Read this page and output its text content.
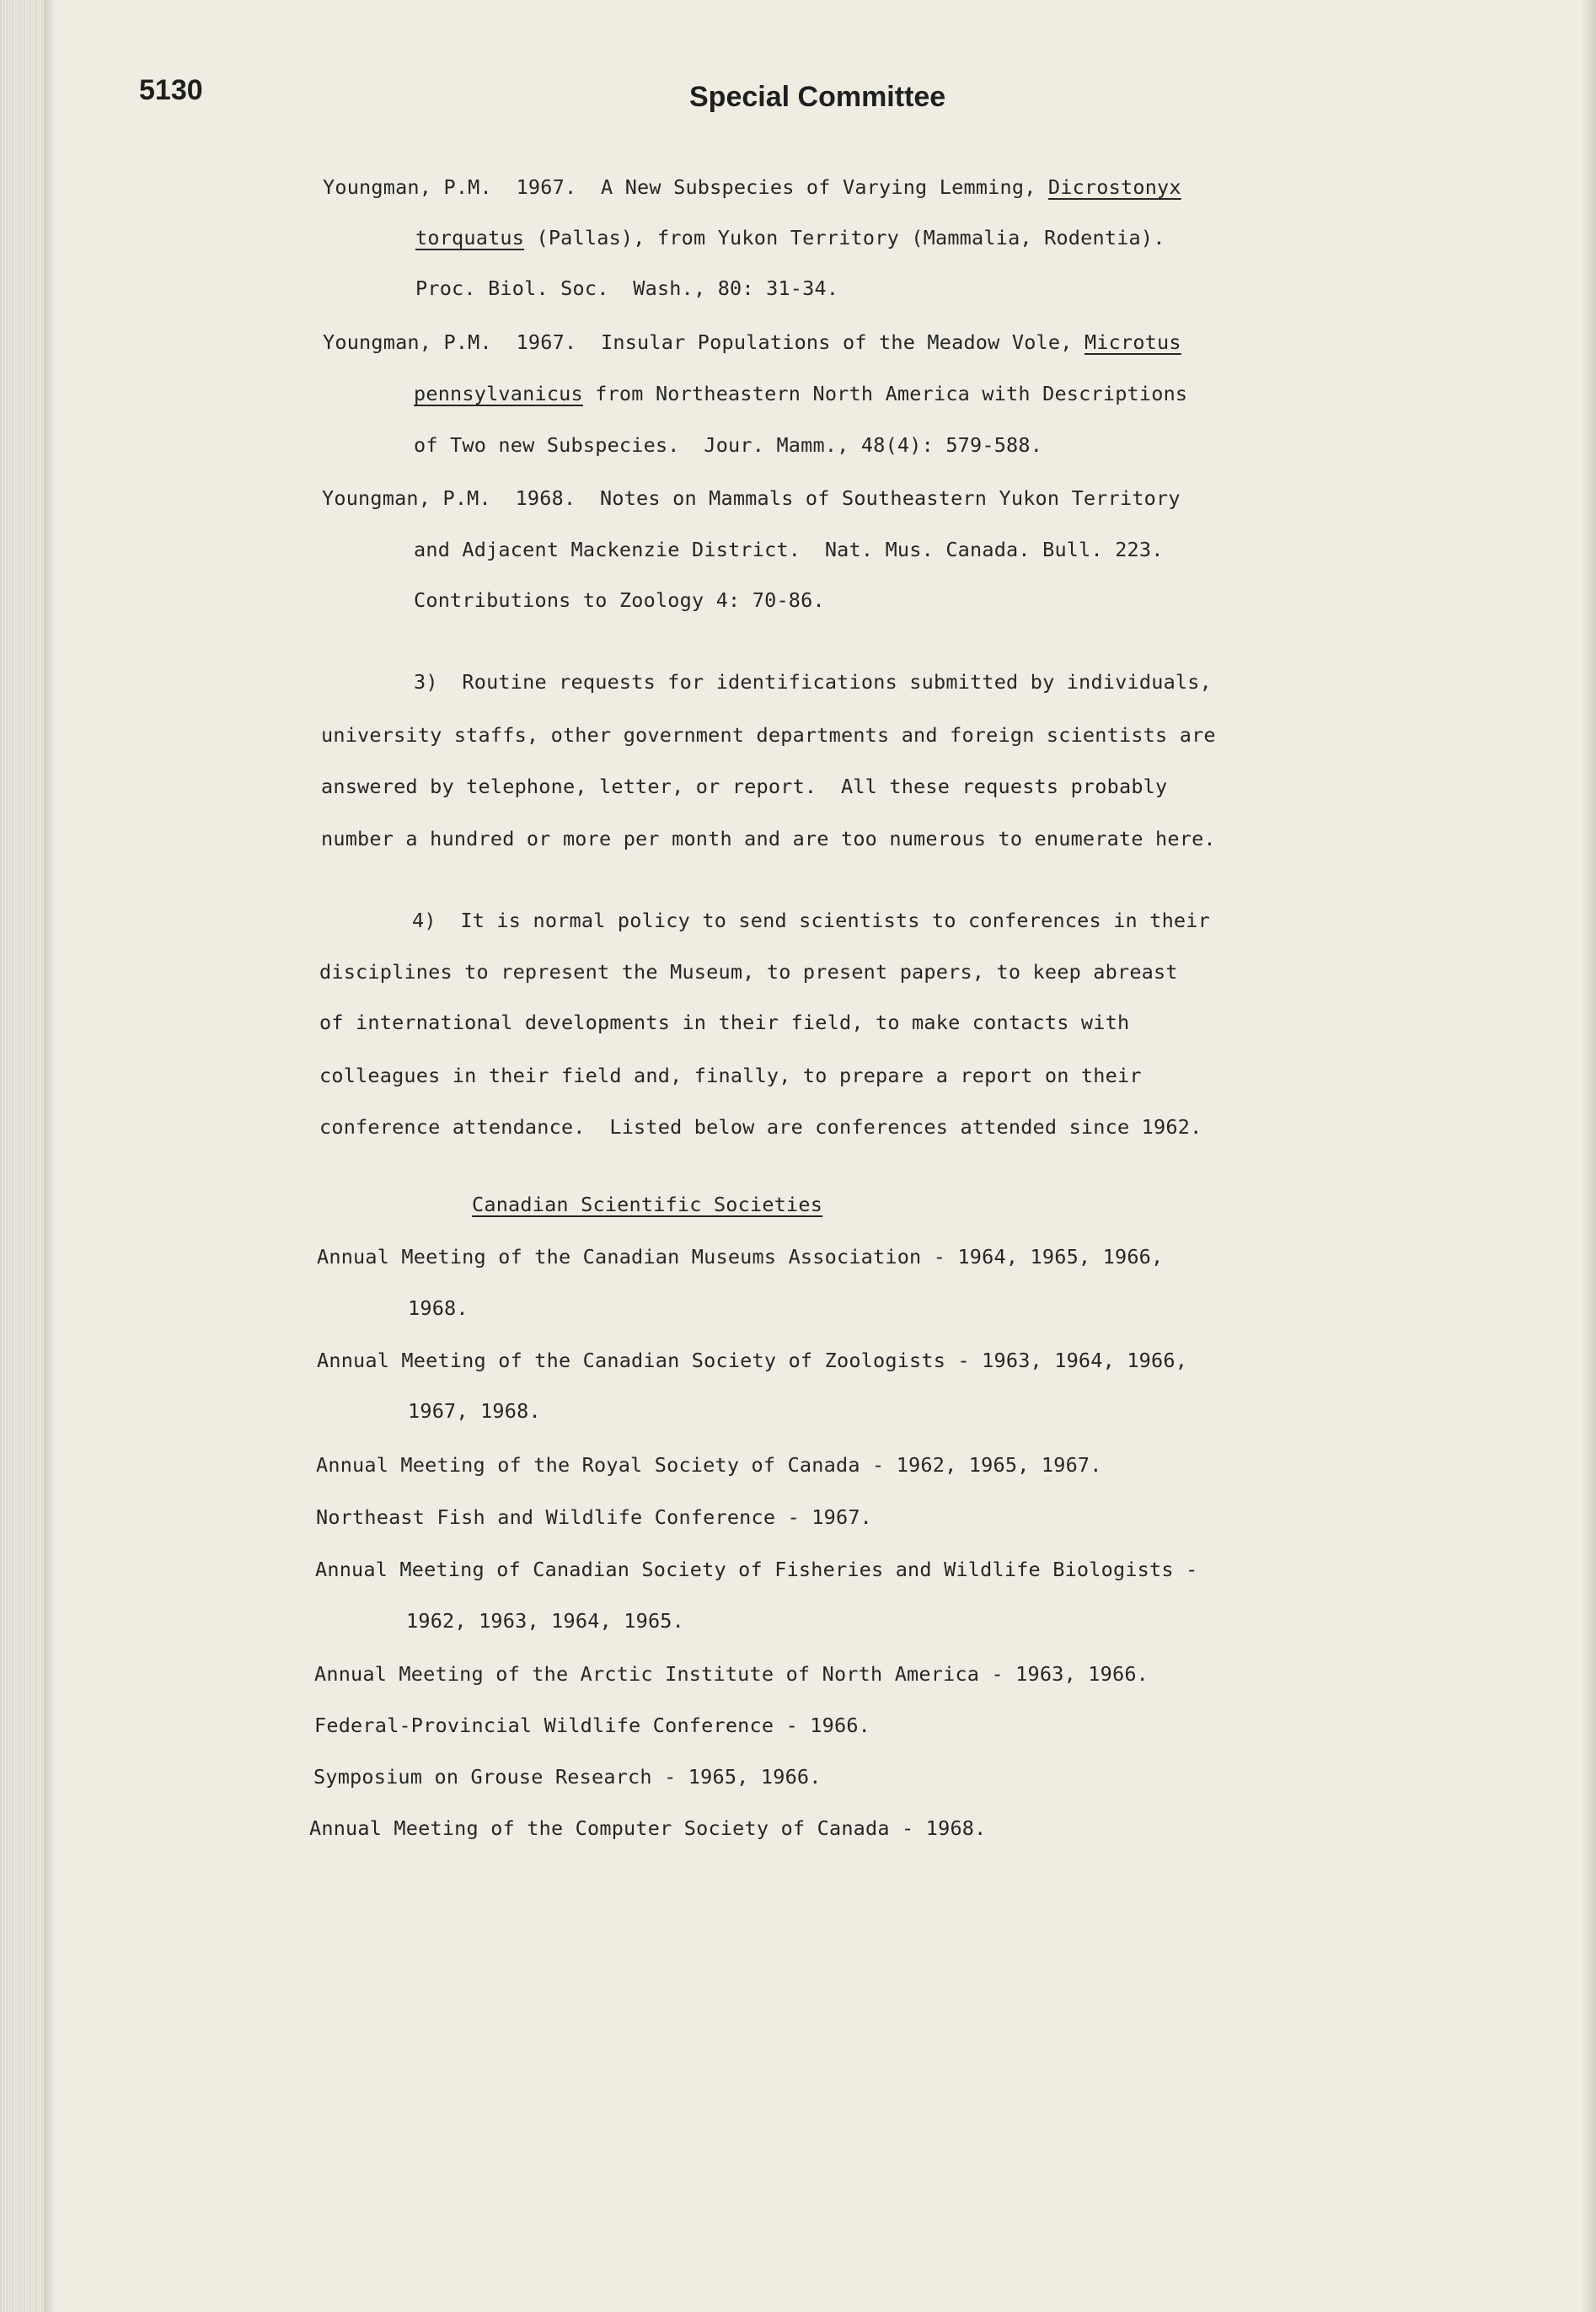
5130	Special Committee
Youngman, P.M.  1967.  A New Subspecies of Varying Lemming, Dicrostonyx
torquatus (Pallas), from Yukon Territory (Mammalia, Rodentia).
Proc. Biol. Soc.  Wash., 80: 31-34.
Youngman, P.M.  1967.  Insular Populations of the Meadow Vole, Microtus
pennsylvanicus from Northeastern North America with Descriptions
of Two new Subspecies.  Jour. Mamm., 48(4): 579-588.
Youngman, P.M.  1968.  Notes on Mammals of Southeastern Yukon Territory
and Adjacent Mackenzie District.  Nat. Mus. Canada. Bull. 223.
Contributions to Zoology 4: 70-86.
3)  Routine requests for identifications submitted by individuals,
university staffs, other government departments and foreign scientists are
answered by telephone, letter, or report.  All these requests probably
number a hundred or more per month and are too numerous to enumerate here.
4)  It is normal policy to send scientists to conferences in their
disciplines to represent the Museum, to present papers, to keep abreast
of international developments in their field, to make contacts with
colleagues in their field and, finally, to prepare a report on their
conference attendance.  Listed below are conferences attended since 1962.
Canadian Scientific Societies
Annual Meeting of the Canadian Museums Association - 1964, 1965, 1966,
1968.
Annual Meeting of the Canadian Society of Zoologists - 1963, 1964, 1966,
1967, 1968.
Annual Meeting of the Royal Society of Canada - 1962, 1965, 1967.
Northeast Fish and Wildlife Conference - 1967.
Annual Meeting of Canadian Society of Fisheries and Wildlife Biologists -
1962, 1963, 1964, 1965.
Annual Meeting of the Arctic Institute of North America - 1963, 1966.
Federal-Provincial Wildlife Conference - 1966.
Symposium on Grouse Research - 1965, 1966.
Annual Meeting of the Computer Society of Canada - 1968.
